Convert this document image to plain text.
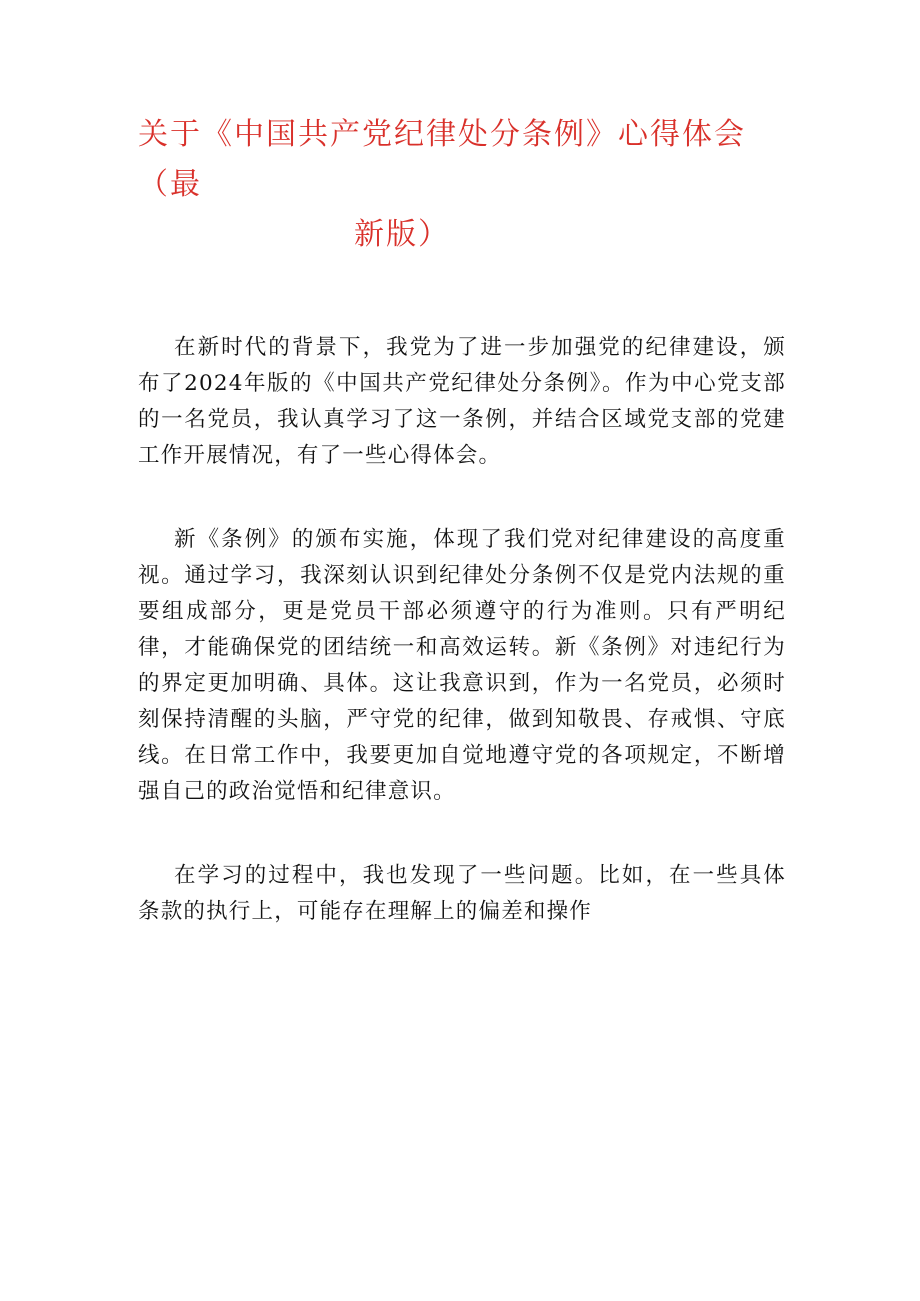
关于《中国共产党纪律处分条例》心得体会（最
新版）

在新时代的背景下，我党为了进一步加强党的纪律建设，颁布了2024年版的《中国共产党纪律处分条例》。作为中心党支部的一名党员，我认真学习了这一条例，并结合区域党支部的党建工作开展情况，有了一些心得体会。

新《条例》的颁布实施，体现了我们党对纪律建设的高度重视。通过学习，我深刻认识到纪律处分条例不仅是党内法规的重要组成部分，更是党员干部必须遵守的行为准则。只有严明纪律，才能确保党的团结统一和高效运转。新《条例》对违纪行为的界定更加明确、具体。这让我意识到，作为一名党员，必须时刻保持清醒的头脑，严守党的纪律，做到知敬畏、存戒惧、守底线。在日常工作中，我要更加自觉地遵守党的各项规定，不断增强自己的政治觉悟和纪律意识。

在学习的过程中，我也发现了一些问题。比如，在一些具体条款的执行上，可能存在理解上的偏差和操作
